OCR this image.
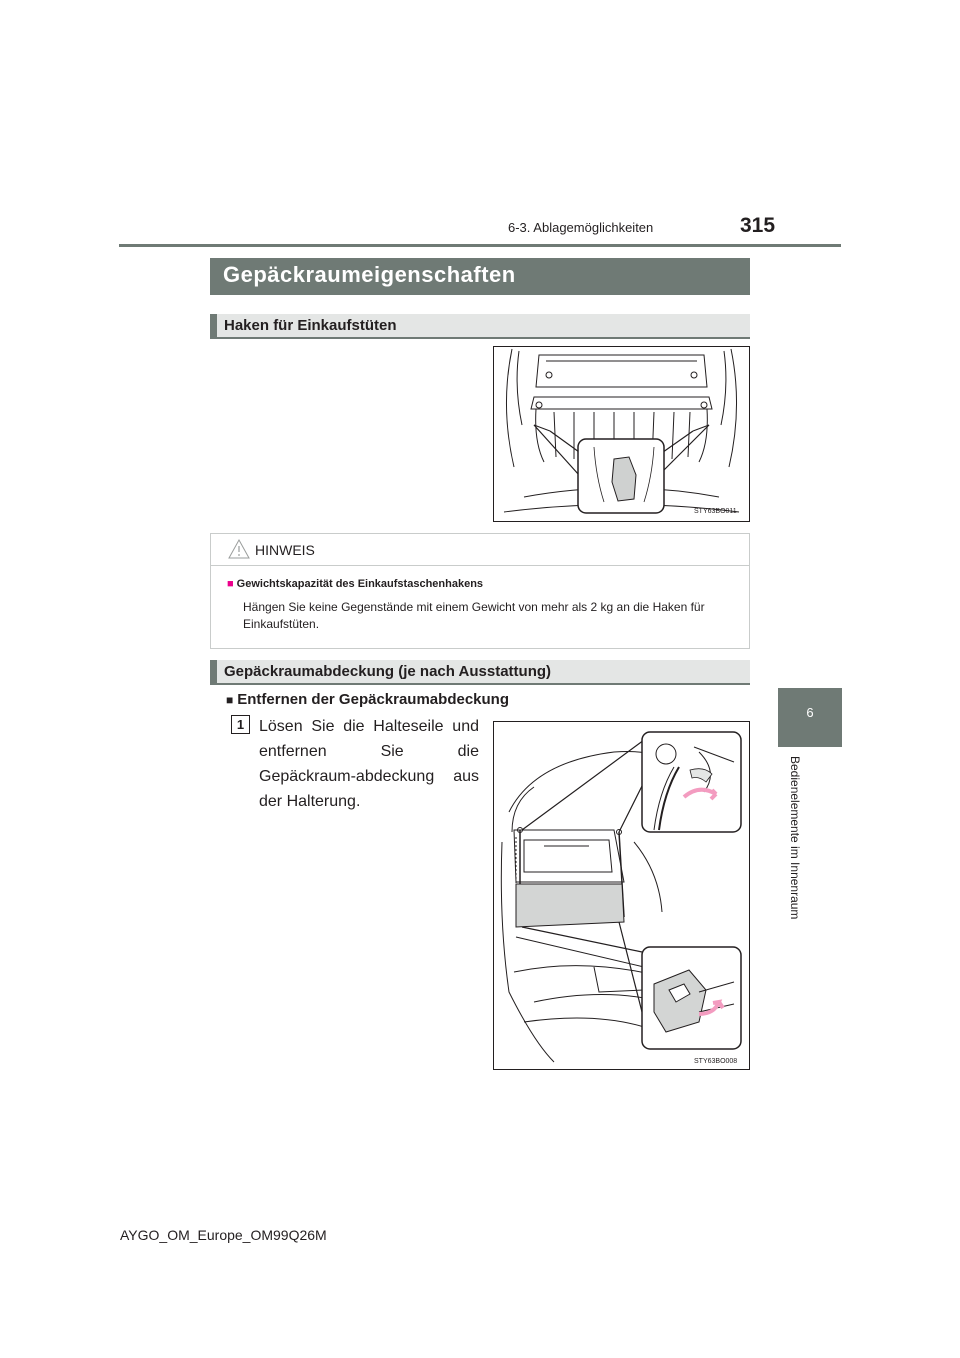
6-3. Ablagemöglichkeiten	315
6
Bedienelemente im Innenraum
Gepäckraumeigenschaften
Haken für Einkaufstüten
STY63BO011
HINWEIS
■ Gewichtskapazität des Einkaufstaschenhakens
Hängen Sie keine Gegenstände mit einem Gewicht von mehr als 2 kg an die Haken für Einkaufstüten.
Gepäckraumabdeckung (je nach Ausstattung)
■ Entfernen der Gepäckraumabdeckung
1 Lösen Sie die Halteseile und entfernen Sie die Gepäckraum-abdeckung aus der Halterung.
STY63BO008
AYGO_OM_Europe_OM99Q26M
